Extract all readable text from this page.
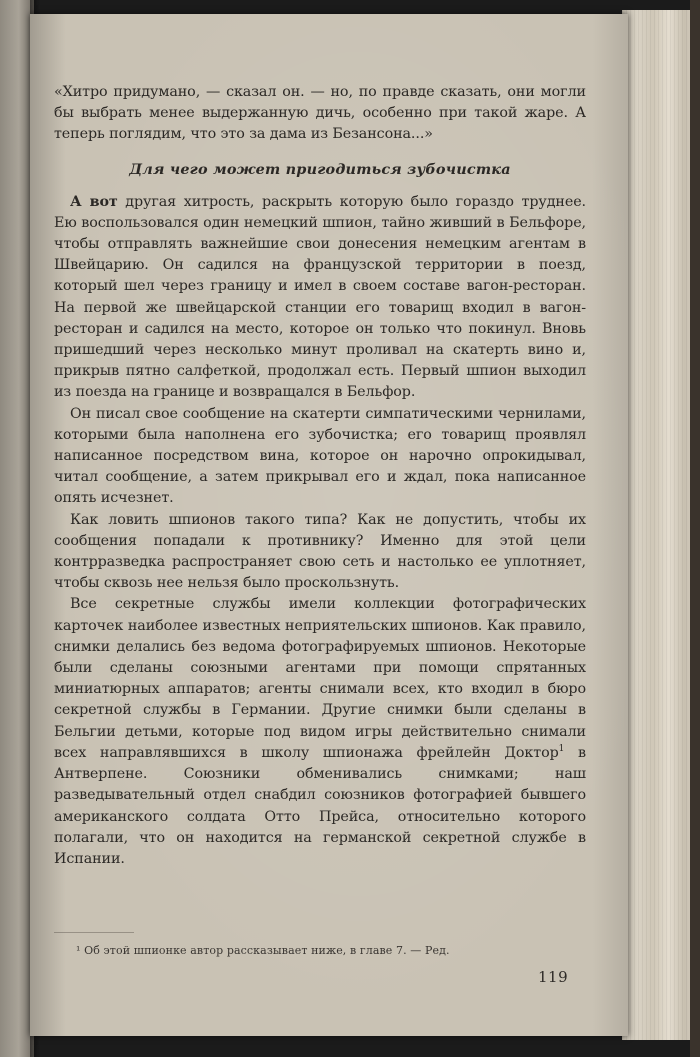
«Хитро придумано, — сказал он. — но, по правде сказать, они могли бы выбрать менее выдержанную дичь, особенно при такой жаре. А теперь поглядим, что это за дама из Безансона...»

Для чего может пригодиться зубочистка

А вот другая хитрость, раскрыть которую было гораздо труднее. Ею воспользовался один немецкий шпион, тайно живший в Бельфоре, чтобы отправлять важнейшие свои донесения немецким агентам в Швейцарию. Он садился на французской территории в поезд, который шел через границу и имел в своем составе вагон-ресторан. На первой же швейцарской станции его товарищ входил в вагон-ресторан и садился на место, которое он только что покинул. Вновь пришедший через несколько минут проливал на скатерть вино и, прикрыв пятно салфеткой, продолжал есть. Первый шпион выходил из поезда на границе и возвращался в Бельфор.

Он писал свое сообщение на скатерти симпатическими чернилами, которыми была наполнена его зубочистка; его товарищ проявлял написанное посредством вина, которое он нарочно опрокидывал, читал сообщение, а затем прикрывал его и ждал, пока написанное опять исчезнет.

Как ловить шпионов такого типа? Как не допустить, чтобы их сообщения попадали к противнику? Именно для этой цели контрразведка распространяет свою сеть и настолько ее уплотняет, чтобы сквозь нее нельзя было проскользнуть.

Все секретные службы имели коллекции фотографических карточек наиболее известных неприятельских шпионов. Как правило, снимки делались без ведома фотографируемых шпионов. Некоторые были сделаны союзными агентами при помощи спрятанных миниатюрных аппаратов; агенты снимали всех, кто входил в бюро секретной службы в Германии. Другие снимки были сделаны в Бельгии детьми, которые под видом игры действительно снимали всех направлявшихся в школу шпионажа фрейлейн Доктор$^1$ в Антверпене. Союзники обменивались снимками; наш разведывательный отдел снабдил союзников фотографией бывшего американского солдата Отто Прейса, относительно которого полагали, что он находится на германской секретной службе в Испании.

¹ Об этой шпионке автор рассказывает ниже, в главе 7. — Ред.
119
